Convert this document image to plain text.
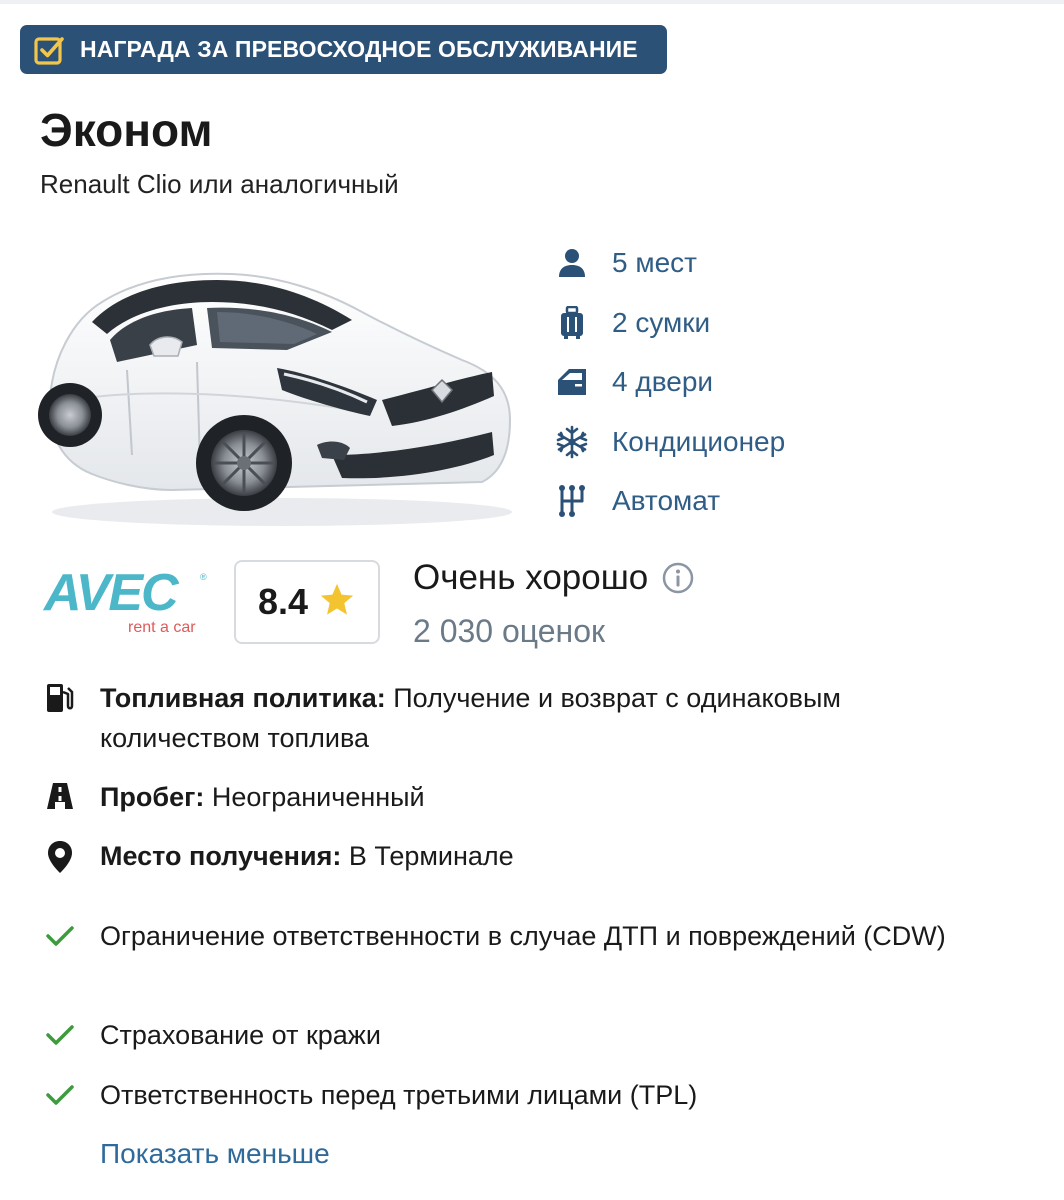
НАГРАДА ЗА ПРЕВОСХОДНОЕ ОБСЛУЖИВАНИЕ
Эконом
Renault Clio или аналогичный
5 мест
2 сумки
4 двери
Кондиционер
Автомат
AVEC
rent a car
®
8.4
Очень хорошо
2 030 оценок
Топливная политика: Получение и возврат с одинаковым количеством топлива
Пробег: Неограниченный
Место получения: В Терминале
Ограничение ответственности в случае ДТП и повреждений (CDW)
Страхование от кражи
Ответственность перед третьими лицами (TPL)
Показать меньше
